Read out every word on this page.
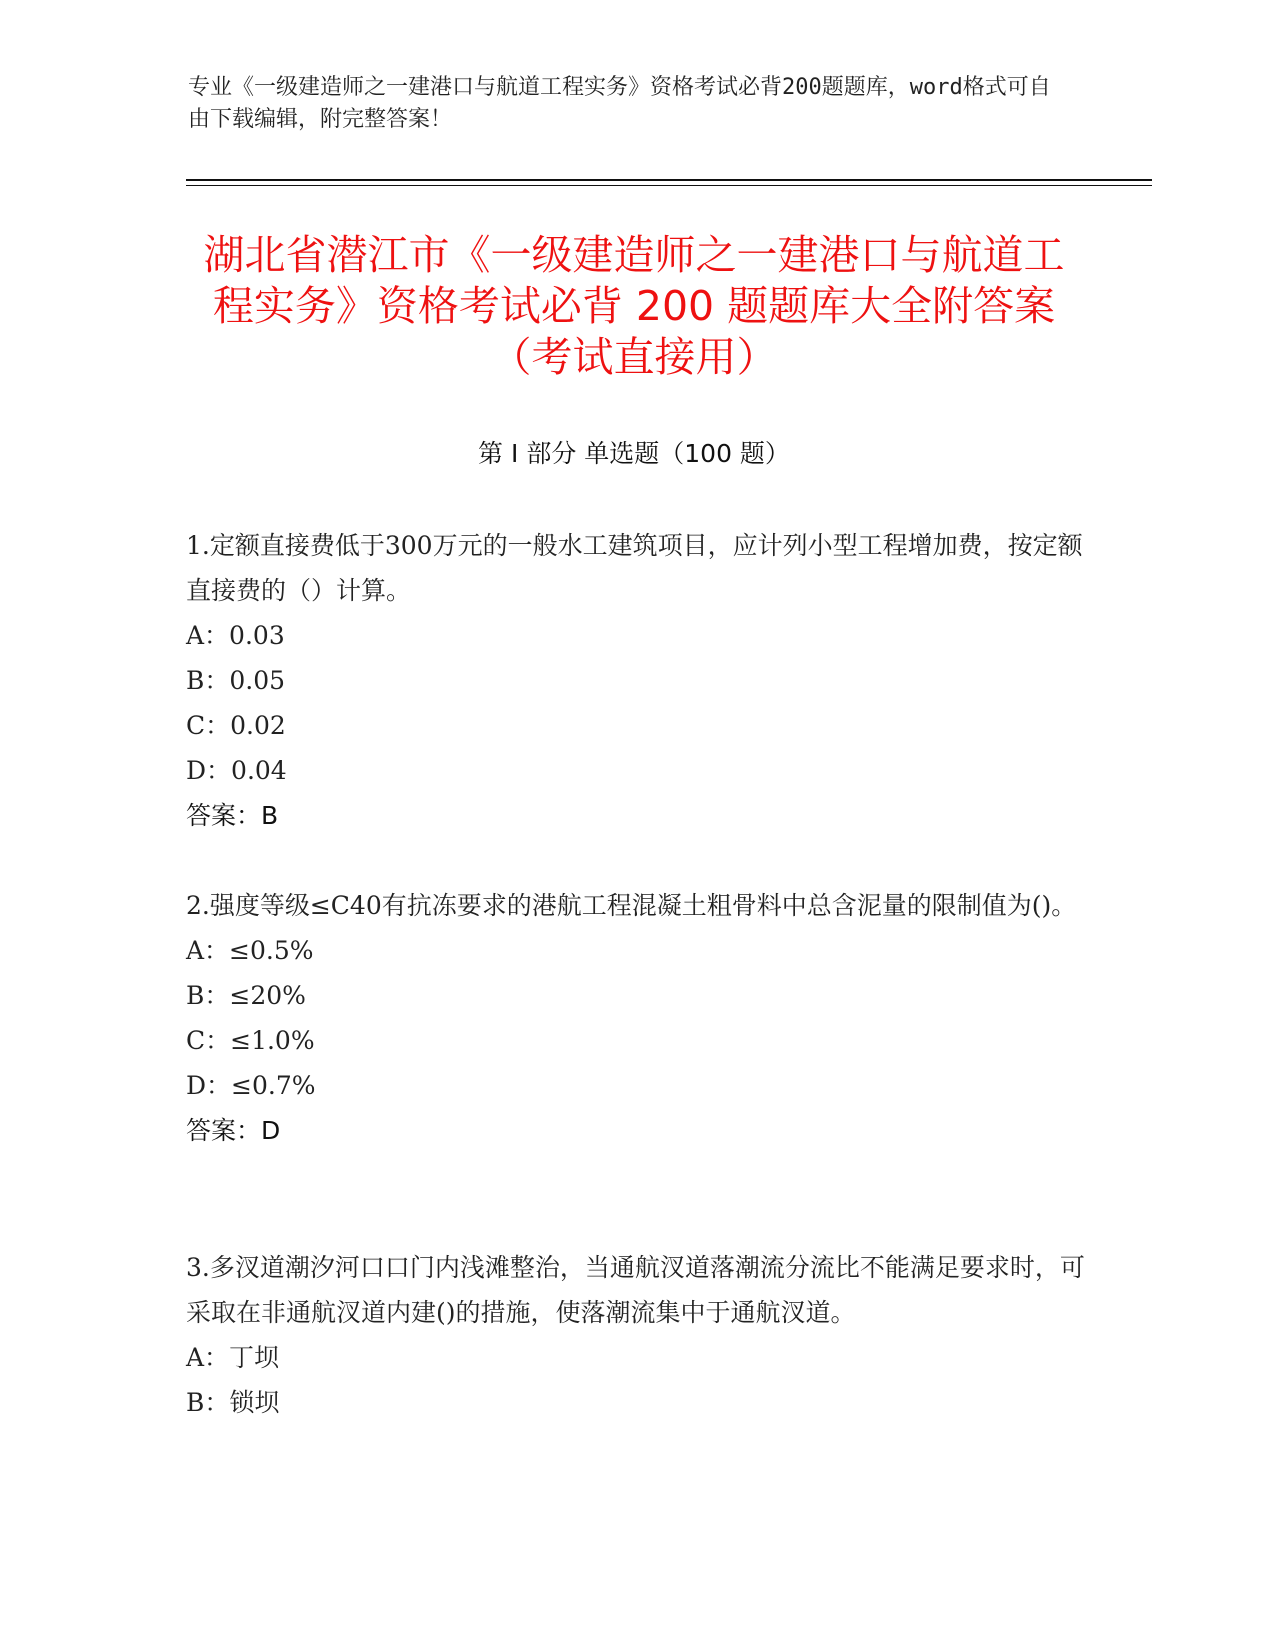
专业《一级建造师之一建港口与航道工程实务》资格考试必背200题题库，word格式可自由下载编辑，附完整答案！
湖北省潜江市《一级建造师之一建港口与航道工程实务》资格考试必背 200 题题库大全附答案（考试直接用）
第 I 部分 单选题（100 题）

1.定额直接费低于300万元的一般水工建筑项目，应计列小型工程增加费，按定额直接费的（）计算。

A：0.03

B：0.05

C：0.02

D：0.04

答案：B

2.强度等级≤C40有抗冻要求的港航工程混凝土粗骨料中总含泥量的限制值为()。

A：≤0.5%

B：≤20%

C：≤1.0%

D：≤0.7%

答案：D

3.多汊道潮汐河口口门内浅滩整治，当通航汊道落潮流分流比不能满足要求时，可采取在非通航汊道内建()的措施，使落潮流集中于通航汊道。

A：丁坝

B：锁坝
